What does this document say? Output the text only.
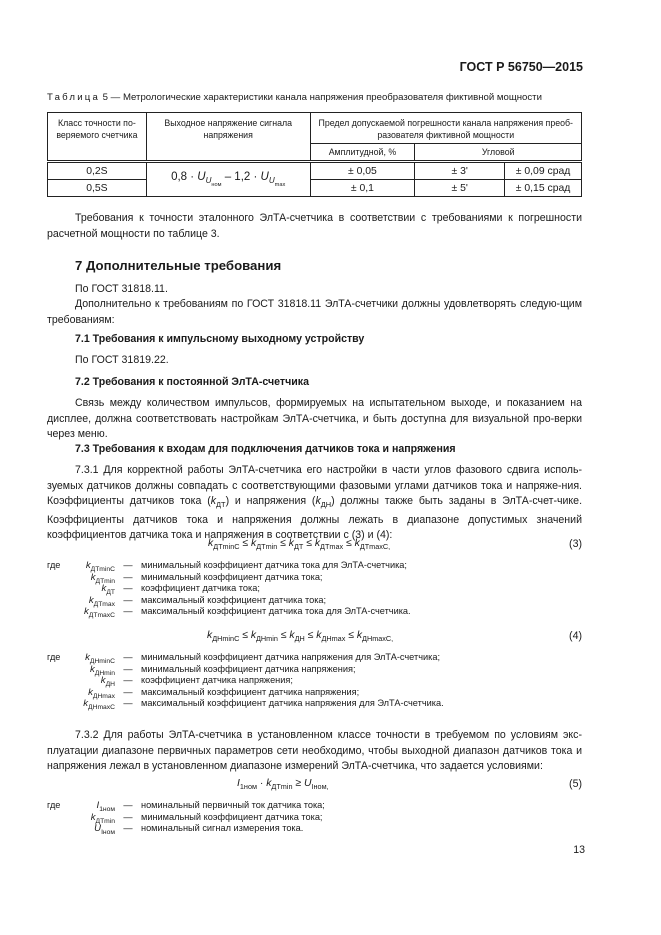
ГОСТ Р 56750—2015
Таблица 5 — Метрологические характеристики канала напряжения преобразователя фиктивной мощности
Класс точности по-веряемого счетчика	Выходное напряжение сигнала напряжения	Предел допускаемой погрешности канала напряжения преоб-разователя фиктивной мощности		
		Амплитудной, %	Угловой	
0,2S	$0,8 \cdot U_{U_{ном}} - 1,2 \cdot U_{U_{max}}$	± 0,05	± 3'	± 0,09 срад
0,5S		± 0,1	± 5'	± 0,15 срад
Требования к точности эталонного ЭлТА-счетчика в соответствии с требованиями к погрешности расчетной мощности по таблице 3.
7 Дополнительные требования
По ГОСТ 31818.11.
Дополнительно к требованиям по ГОСТ 31818.11 ЭлТА-счетчики должны удовлетворять следую-щим требованиям:
7.1 Требования к импульсному выходному устройству
По ГОСТ 31819.22.
7.2 Требования к постоянной ЭлТА-счетчика
Связь между количеством импульсов, формируемых на испытательном выходе, и показанием на дисплее, должна соответствовать настройкам ЭлТА-счетчика, и быть доступна для визуальной про-верки через меню.
7.3 Требования к входам для подключения датчиков тока и напряжения
7.3.1 Для корректной работы ЭлТА-счетчика его настройки в части углов фазового сдвига исполь-зуемых датчиков должны совпадать с соответствующими фазовыми углами датчиков тока и напряже-ния. Коэффициенты датчиков тока $(k_{ДТ})$ и напряжения $(k_{ДН})$ должны также быть заданы в ЭлТА-счет-чике. Коэффициенты датчиков тока и напряжения должны лежать в диапазоне допустимых значений коэффициентов датчика тока и напряжения в соответствии с (3) и (4):
$k_{ДТminC} \le k_{ДТmin} \le k_{ДТ} \le k_{ДТmax} \le k_{ДТmaxC,}$	(3)
где	$k_{ДТminC}$ — минимальный коэффициент датчика тока для ЭлТА-счетчика;
$k_{ДТmin}$ — минимальный коэффициент датчика тока;
$k_{ДТ}$ — коэффициент датчика тока;
$k_{ДТmax}$ — максимальный коэффициент датчика тока;
$k_{ДТmaxC}$ — максимальный коэффициент датчика тока для ЭлТА-счетчика.
$k_{ДНminC} \le k_{ДНmin} \le k_{ДН} \le k_{ДНmax} \le k_{ДНmaxC,}$	(4)
где	$k_{ДНminC}$ — минимальный коэффициент датчика напряжения для ЭлТА-счетчика;
$k_{ДНmin}$ — минимальный коэффициент датчика напряжения;
$k_{ДН}$ — коэффициент датчика напряжения;
$k_{ДНmax}$ — максимальный коэффициент датчика напряжения;
$k_{ДНmaxC}$ — максимальный коэффициент датчика напряжения для ЭлТА-счетчика.
7.3.2 Для работы ЭлТА-счетчика в установленном классе точности в требуемом по условиям экс-плуатации диапазоне первичных параметров сети необходимо, чтобы выходной диапазон датчиков тока и напряжения лежал в установленном диапазоне измерений ЭлТА-счетчика, что задается условиями:
$I_{1ном} \cdot k_{ДТmin} \ge U_{Iном,}$	(5)
где	$I_{1ном}$ — номинальный первичный ток датчика тока;
$k_{ДТmin}$ — минимальный коэффициент датчика тока;
$U_{Iном}$ — номинальный сигнал измерения тока.
13
